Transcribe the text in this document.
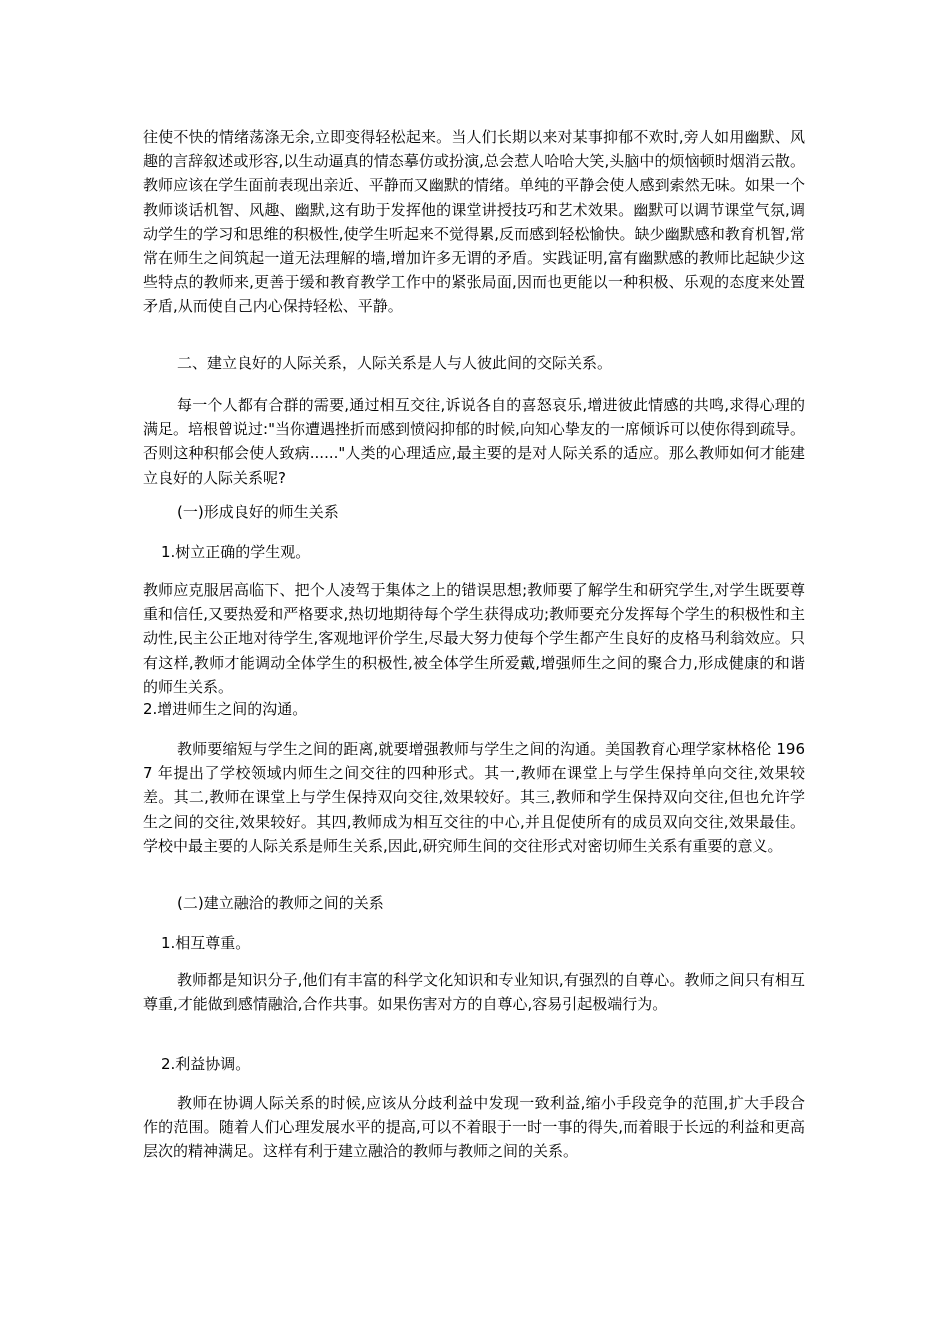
往使不快的情绪荡涤无余,立即变得轻松起来。当人们长期以来对某事抑郁不欢时,旁人如用幽默、风趣的言辞叙述或形容,以生动逼真的情态摹仿或扮演,总会惹人哈哈大笑,头脑中的烦恼顿时烟消云散。教师应该在学生面前表现出亲近、平静而又幽默的情绪。单纯的平静会使人感到索然无味。如果一个教师谈话机智、风趣、幽默,这有助于发挥他的课堂讲授技巧和艺术效果。幽默可以调节课堂气氛,调动学生的学习和思维的积极性,使学生听起来不觉得累,反而感到轻松愉快。缺少幽默感和教育机智,常常在师生之间筑起一道无法理解的墙,增加许多无谓的矛盾。实践证明,富有幽默感的教师比起缺少这些特点的教师来,更善于缓和教育教学工作中的紧张局面,因而也更能以一种积极、乐观的态度来处置矛盾,从而使自己内心保持轻松、平静。

二、建立良好的人际关系，人际关系是人与人彼此间的交际关系。

每一个人都有合群的需要,通过相互交往,诉说各自的喜怒哀乐,增进彼此情感的共鸣,求得心理的满足。培根曾说过:"当你遭遇挫折而感到愤闷抑郁的时候,向知心挚友的一席倾诉可以使你得到疏导。否则这种积郁会使人致病......"人类的心理适应,最主要的是对人际关系的适应。那么教师如何才能建立良好的人际关系呢?

(一)形成良好的师生关系

1.树立正确的学生观。

教师应克服居高临下、把个人凌驾于集体之上的错误思想;教师要了解学生和研究学生,对学生既要尊重和信任,又要热爱和严格要求,热切地期待每个学生获得成功;教师要充分发挥每个学生的积极性和主动性,民主公正地对待学生,客观地评价学生,尽最大努力使每个学生都产生良好的皮格马利翁效应。只有这样,教师才能调动全体学生的积极性,被全体学生所爱戴,增强师生之间的聚合力,形成健康的和谐的师生关系。

2.增进师生之间的沟通。

教师要缩短与学生之间的距离,就要增强教师与学生之间的沟通。美国教育心理学家林格伦 1967 年提出了学校领域内师生之间交往的四种形式。其一,教师在课堂上与学生保持单向交往,效果较差。其二,教师在课堂上与学生保持双向交往,效果较好。其三,教师和学生保持双向交往,但也允许学生之间的交往,效果较好。其四,教师成为相互交往的中心,并且促使所有的成员双向交往,效果最佳。学校中最主要的人际关系是师生关系,因此,研究师生间的交往形式对密切师生关系有重要的意义。

(二)建立融洽的教师之间的关系

1.相互尊重。

教师都是知识分子,他们有丰富的科学文化知识和专业知识,有强烈的自尊心。教师之间只有相互尊重,才能做到感情融洽,合作共事。如果伤害对方的自尊心,容易引起极端行为。

2.利益协调。

教师在协调人际关系的时候,应该从分歧利益中发现一致利益,缩小手段竞争的范围,扩大手段合作的范围。随着人们心理发展水平的提高,可以不着眼于一时一事的得失,而着眼于长远的利益和更高层次的精神满足。这样有利于建立融洽的教师与教师之间的关系。
